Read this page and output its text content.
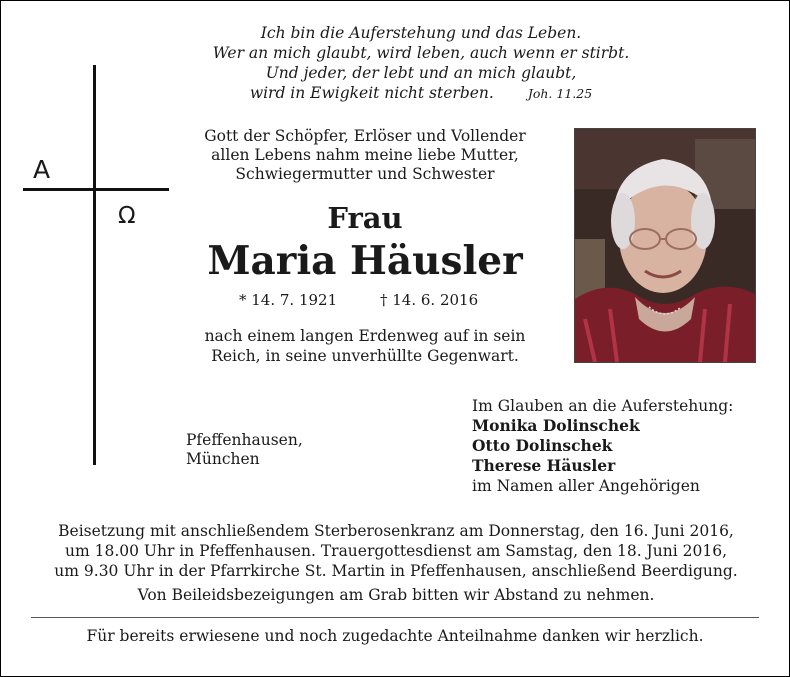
Ich bin die Auferstehung und das Leben.
Wer an mich glaubt, wird leben, auch wenn er stirbt.
Und jeder, der lebt und an mich glaubt,
wird in Ewigkeit nicht sterben.	Joh. 11.25
A
Ω
Gott der Schöpfer, Erlöser und Vollender
allen Lebens nahm meine liebe Mutter,
Schwiegermutter und Schwester
Frau
Maria Häusler
* 14. 7. 1921	† 14. 6. 2016
nach einem langen Erdenweg auf in sein
Reich, in seine unverhüllte Gegenwart.
Pfeffenhausen,
München
Im Glauben an die Auferstehung:
Monika Dolinschek
Otto Dolinschek
Therese Häusler
im Namen aller Angehörigen
Beisetzung mit anschließendem Sterberosenkranz am Donnerstag, den 16. Juni 2016,
um 18.00 Uhr in Pfeffenhausen. Trauergottesdienst am Samstag, den 18. Juni 2016,
um 9.30 Uhr in der Pfarrkirche St. Martin in Pfeffenhausen, anschließend Beerdigung.
Von Beileidsbezeigungen am Grab bitten wir Abstand zu nehmen.
Für bereits erwiesene und noch zugedachte Anteilnahme danken wir herzlich.
